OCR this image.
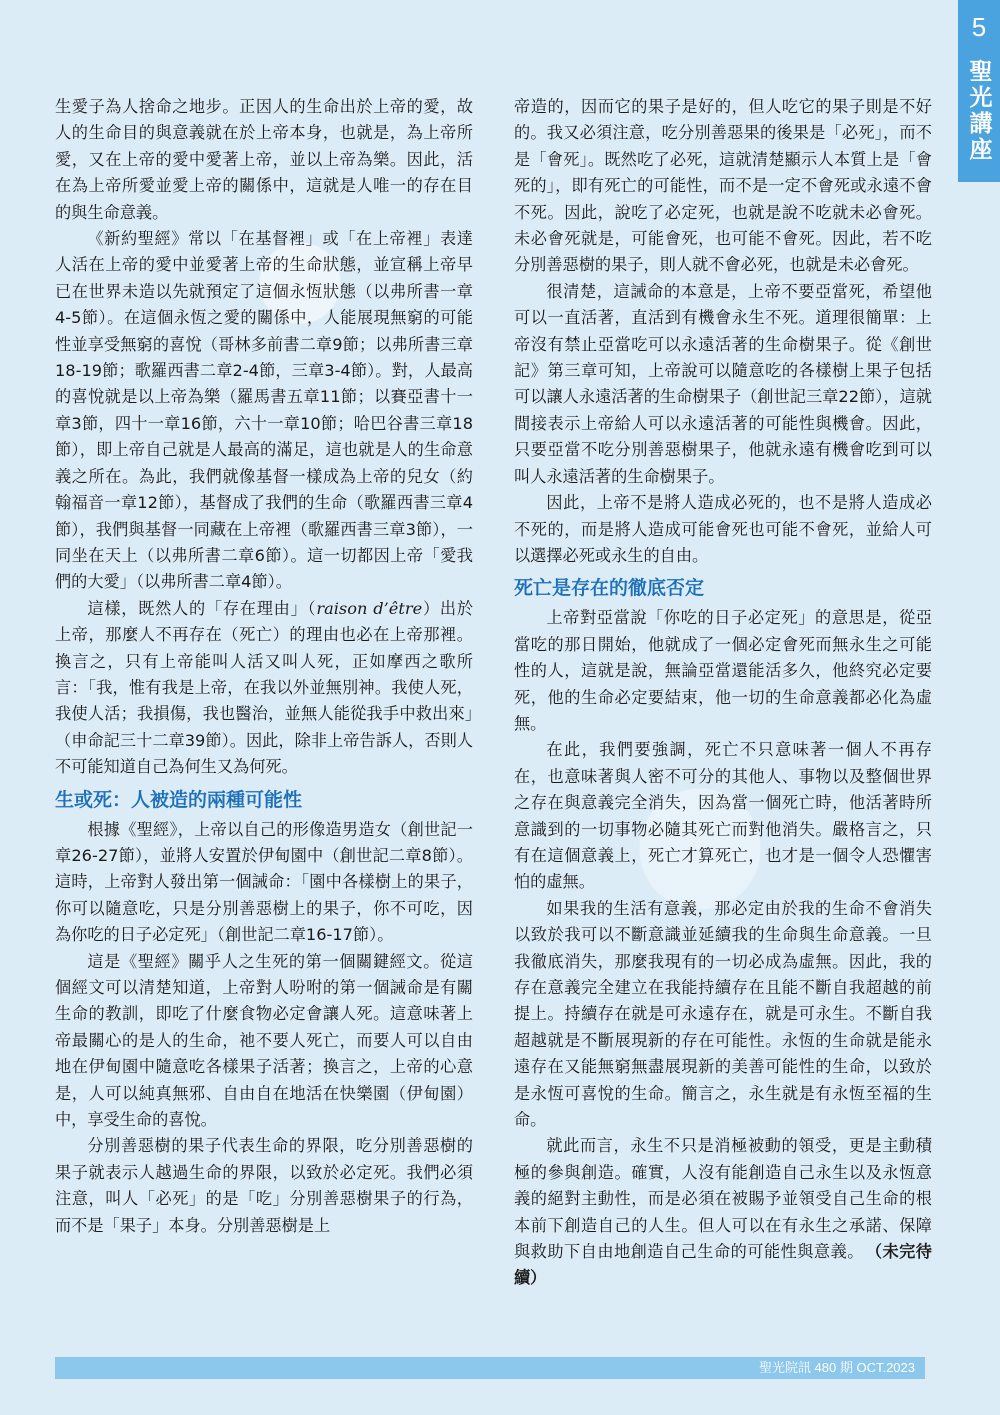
5
聖光講座

生愛子為人捨命之地步。正因人的生命出於上帝的愛，故人的生命目的與意義就在於上帝本身，也就是，為上帝所愛，又在上帝的愛中愛著上帝，並以上帝為樂。因此，活在為上帝所愛並愛上帝的關係中，這就是人唯一的存在目的與生命意義。

《新約聖經》常以「在基督裡」或「在上帝裡」表達人活在上帝的愛中並愛著上帝的生命狀態，並宣稱上帝早已在世界未造以先就預定了這個永恆狀態（以弗所書一章4-5節）。在這個永恆之愛的關係中，人能展現無窮的可能性並享受無窮的喜悅（哥林多前書二章9節；以弗所書三章18-19節；歌羅西書二章2-4節，三章3-4節）。對，人最高的喜悅就是以上帝為樂（羅馬書五章11節；以賽亞書十一章3節，四十一章16節，六十一章10節；哈巴谷書三章18節），即上帝自己就是人最高的滿足，這也就是人的生命意義之所在。為此，我們就像基督一樣成為上帝的兒女（約翰福音一章12節），基督成了我們的生命（歌羅西書三章4節），我們與基督一同藏在上帝裡（歌羅西書三章3節），一同坐在天上（以弗所書二章6節）。這一切都因上帝「愛我們的大愛」（以弗所書二章4節）。

這樣，既然人的「存在理由」（raison d’être）出於上帝，那麼人不再存在（死亡）的理由也必在上帝那裡。換言之，只有上帝能叫人活又叫人死，正如摩西之歌所言：「我，惟有我是上帝，在我以外並無別神。我使人死，我使人活；我損傷，我也醫治，並無人能從我手中救出來」（申命記三十二章39節）。因此，除非上帝告訴人，否則人不可能知道自己為何生又為何死。

生或死：人被造的兩種可能性

根據《聖經》，上帝以自己的形像造男造女（創世記一章26-27節），並將人安置於伊甸園中（創世記二章8節）。這時，上帝對人發出第一個誡命：「園中各樣樹上的果子，你可以隨意吃，只是分別善惡樹上的果子，你不可吃，因為你吃的日子必定死」（創世記二章16-17節）。

這是《聖經》關乎人之生死的第一個關鍵經文。從這個經文可以清楚知道，上帝對人吩咐的第一個誡命是有關生命的教訓，即吃了什麼食物必定會讓人死。這意味著上帝最關心的是人的生命，祂不要人死亡，而要人可以自由地在伊甸園中隨意吃各樣果子活著；換言之，上帝的心意是，人可以純真無邪、自由自在地活在快樂園（伊甸園）中，享受生命的喜悅。

分別善惡樹的果子代表生命的界限，吃分別善惡樹的果子就表示人越過生命的界限，以致於必定死。我們必須注意，叫人「必死」的是「吃」分別善惡樹果子的行為，而不是「果子」本身。分別善惡樹是上

帝造的，因而它的果子是好的，但人吃它的果子則是不好的。我又必須注意，吃分別善惡果的後果是「必死」，而不是「會死」。既然吃了必死，這就清楚顯示人本質上是「會死的」，即有死亡的可能性，而不是一定不會死或永遠不會不死。因此，說吃了必定死，也就是說不吃就未必會死。未必會死就是，可能會死，也可能不會死。因此，若不吃分別善惡樹的果子，則人就不會必死，也就是未必會死。

很清楚，這誡命的本意是，上帝不要亞當死，希望他可以一直活著，直活到有機會永生不死。道理很簡單：上帝沒有禁止亞當吃可以永遠活著的生命樹果子。從《創世記》第三章可知，上帝說可以隨意吃的各樣樹上果子包括可以讓人永遠活著的生命樹果子（創世記三章22節），這就間接表示上帝給人可以永遠活著的可能性與機會。因此，只要亞當不吃分別善惡樹果子，他就永遠有機會吃到可以叫人永遠活著的生命樹果子。

因此，上帝不是將人造成必死的，也不是將人造成必不死的，而是將人造成可能會死也可能不會死，並給人可以選擇必死或永生的自由。

死亡是存在的徹底否定

上帝對亞當說「你吃的日子必定死」的意思是，從亞當吃的那日開始，他就成了一個必定會死而無永生之可能性的人，這就是說，無論亞當還能活多久，他終究必定要死，他的生命必定要結束，他一切的生命意義都必化為虛無。

在此，我們要強調，死亡不只意味著一個人不再存在，也意味著與人密不可分的其他人、事物以及整個世界之存在與意義完全消失，因為當一個死亡時，他活著時所意識到的一切事物必隨其死亡而對他消失。嚴格言之，只有在這個意義上，死亡才算死亡，也才是一個令人恐懼害怕的虛無。

如果我的生活有意義，那必定由於我的生命不會消失以致於我可以不斷意識並延續我的生命與生命意義。一旦我徹底消失，那麼我現有的一切必成為虛無。因此，我的存在意義完全建立在我能持續存在且能不斷自我超越的前提上。持續存在就是可永遠存在，就是可永生。不斷自我超越就是不斷展現新的存在可能性。永恆的生命就是能永遠存在又能無窮無盡展現新的美善可能性的生命，以致於是永恆可喜悅的生命。簡言之，永生就是有永恆至福的生命。

就此而言，永生不只是消極被動的領受，更是主動積極的參與創造。確實，人沒有能創造自己永生以及永恆意義的絕對主動性，而是必須在被賜予並領受自己生命的根本前下創造自己的人生。但人可以在有永生之承諾、保障與救助下自由地創造自己生命的可能性與意義。 （未完待續）

聖光院訊 480 期 OCT.2023
